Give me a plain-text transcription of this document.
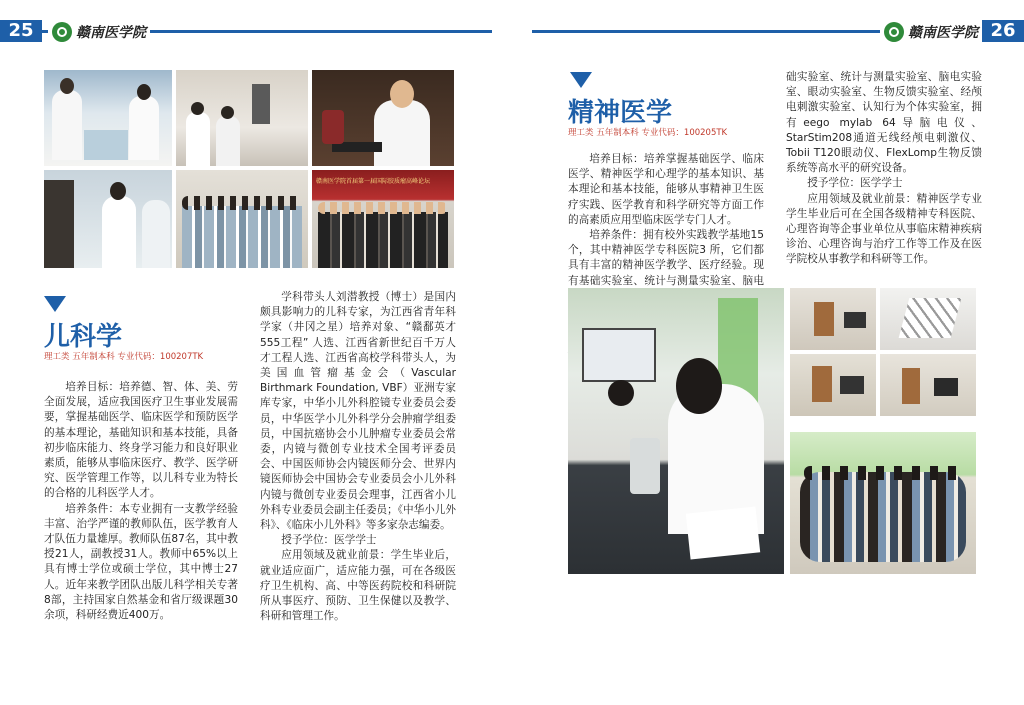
25	赣南医学院	赣南医学院 26
赣南医学院首届第一届国际胶质瘤高峰论坛
儿科学
理工类 五年制本科 专业代码：100207TK

培养目标：培养德、智、体、美、劳全面发展，适应我国医疗卫生事业发展需要，掌握基础医学、临床医学和预防医学的基本理论，基础知识和基本技能，具备初步临床能力、终身学习能力和良好职业素质，能够从事临床医疗、教学、医学研究、医学管理工作等，以儿科专业为特长的合格的儿科医学人才。

培养条件：本专业拥有一支教学经验丰富、治学严谨的教师队伍，医学教育人才队伍力量雄厚。教师队伍87名，其中教授21人，副教授31人。教师中65%以上具有博士学位或硕士学位，其中博士27人。近年来教学团队出版儿科学相关专著8部，主持国家自然基金和省厅级课题30余项，科研经费近400万。

学科带头人刘潜教授（博士）是国内颇具影响力的儿科专家，为江西省青年科学家（井冈之星）培养对象、“赣鄱英才555工程” 人选、江西省新世纪百千万人才工程人选、江西省高校学科带头人，为美国血管瘤基金会（Vascular Birthmark Foundation, VBF）亚洲专家库专家，中华小儿外科腔镜专业委员会委员，中华医学小儿外科学分会肿瘤学组委员，中国抗癌协会小儿肿瘤专业委员会常委，内镜与微创专业技术全国考评委员会、中国医师协会内镜医师分会、世界内镜医师协会中国协会专业委员会小儿外科内镜与微创专业委员会理事，江西省小儿外科专业委员会副主任委员；《中华小儿外科》、《临床小儿外科》等多家杂志编委。

授予学位：医学学士

应用领域及就业前景：学生毕业后，就业适应面广，适应能力强，可在各级医疗卫生机构、高、中等医药院校和科研院所从事医疗、预防、卫生保健以及教学、科研和管理工作。

精神医学
理工类 五年制本科 专业代码：100205TK

培养目标：培养掌握基础医学、临床医学、精神医学和心理学的基本知识、基本理论和基本技能，能够从事精神卫生医疗实践、医学教育和科学研究等方面工作的高素质应用型临床医学专门人才。

培养条件：拥有校外实践教学基地15个，其中精神医学专科医院3 所，它们都具有丰富的精神医学教学、医疗经验。现有基础实验室、统计与测量实验室、脑电

础实验室、统计与测量实验室、脑电实验室、眼动实验室、生物反馈实验室、经颅电刺激实验室、认知行为个体实验室，拥有eego mylab 64导脑电仪、StarStim208通道无线经颅电刺激仪、Tobii T120眼动仪、FlexLomp生物反馈系统等高水平的研究设备。

授予学位：医学学士

应用领域及就业前景：精神医学专业学生毕业后可在全国各级精神专科医院、心理咨询等企事业单位从事临床精神疾病诊治、心理咨询与治疗工作等工作及在医学院校从事教学和科研等工作。
